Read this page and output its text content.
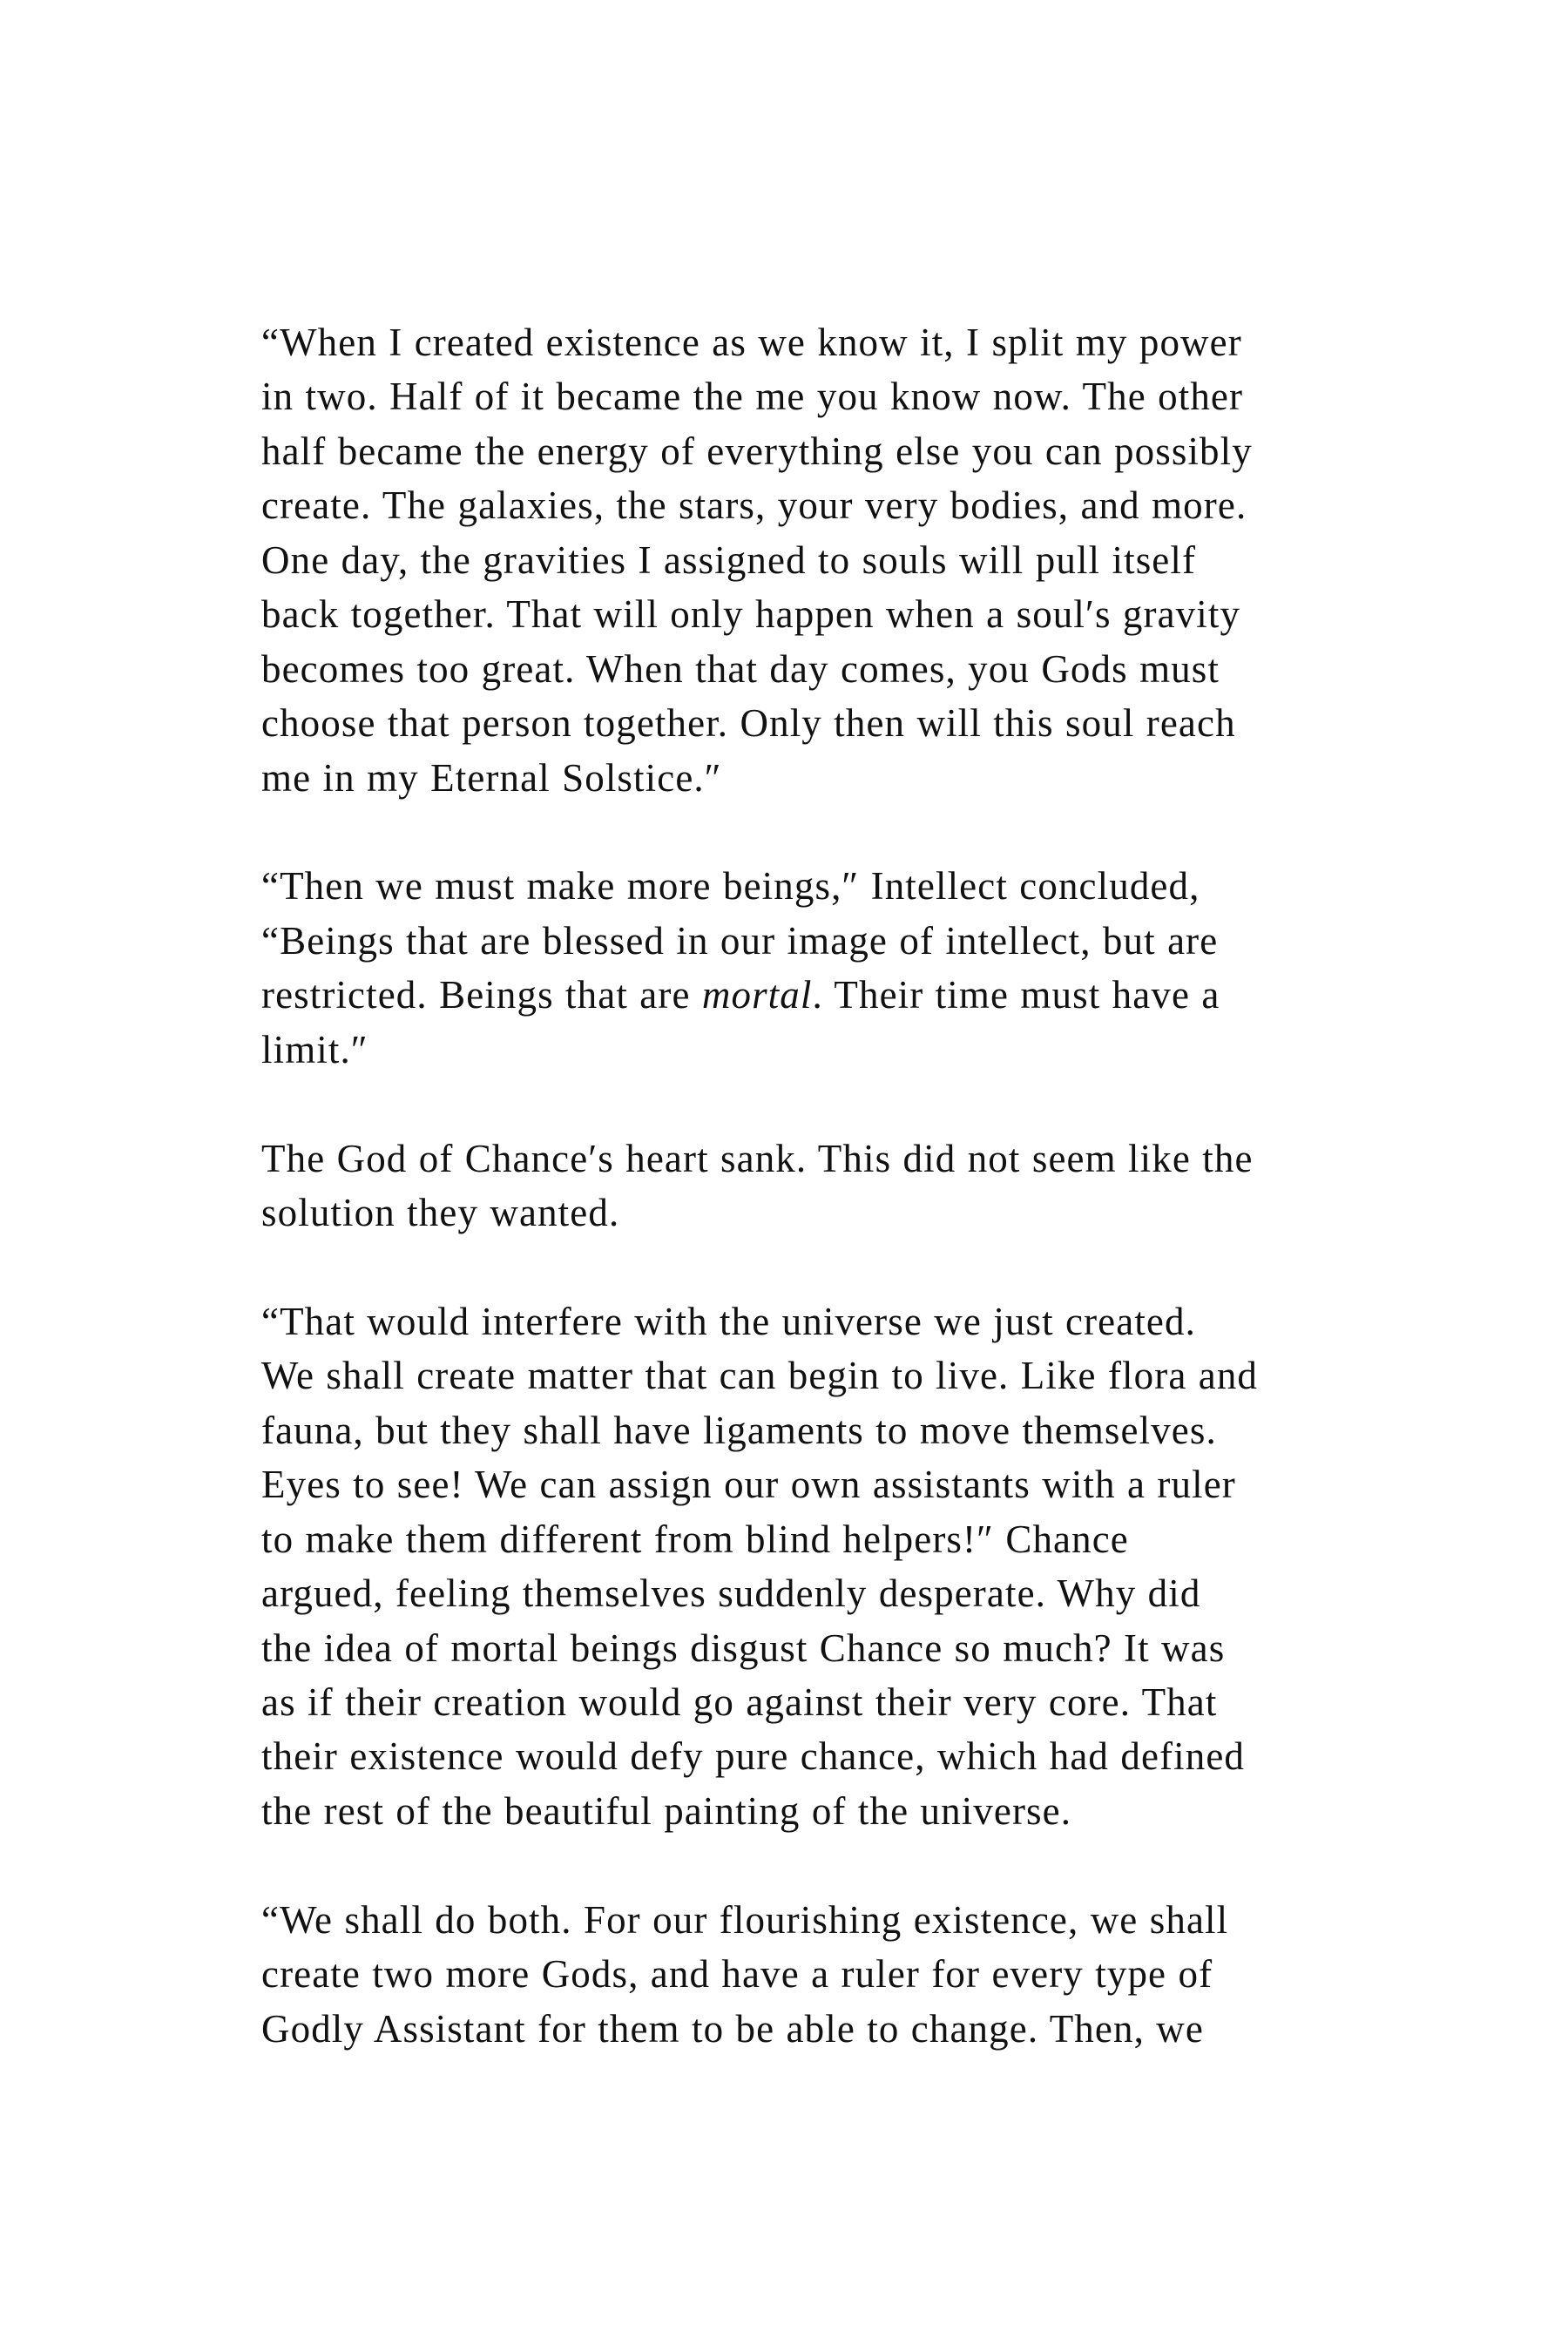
“When I created existence as we know it, I split my power
in two. Half of it became the me you know now. The other
half became the energy of everything else you can possibly
create. The galaxies, the stars, your very bodies, and more.
One day, the gravities I assigned to souls will pull itself
back together. That will only happen when a soul′s gravity
becomes too great. When that day comes, you Gods must
choose that person together. Only then will this soul reach
me in my Eternal Solstice.″
“Then we must make more beings,″ Intellect concluded,
“Beings that are blessed in our image of intellect, but are
restricted. Beings that are mortal. Their time must have a
limit.″
The God of Chance′s heart sank. This did not seem like the
solution they wanted.
“That would interfere with the universe we just created.
We shall create matter that can begin to live. Like flora and
fauna, but they shall have ligaments to move themselves.
Eyes to see! We can assign our own assistants with a ruler
to make them different from blind helpers!″ Chance
argued, feeling themselves suddenly desperate. Why did
the idea of mortal beings disgust Chance so much? It was
as if their creation would go against their very core. That
their existence would defy pure chance, which had defined
the rest of the beautiful painting of the universe.
“We shall do both. For our flourishing existence, we shall
create two more Gods, and have a ruler for every type of
Godly Assistant for them to be able to change. Then, we
